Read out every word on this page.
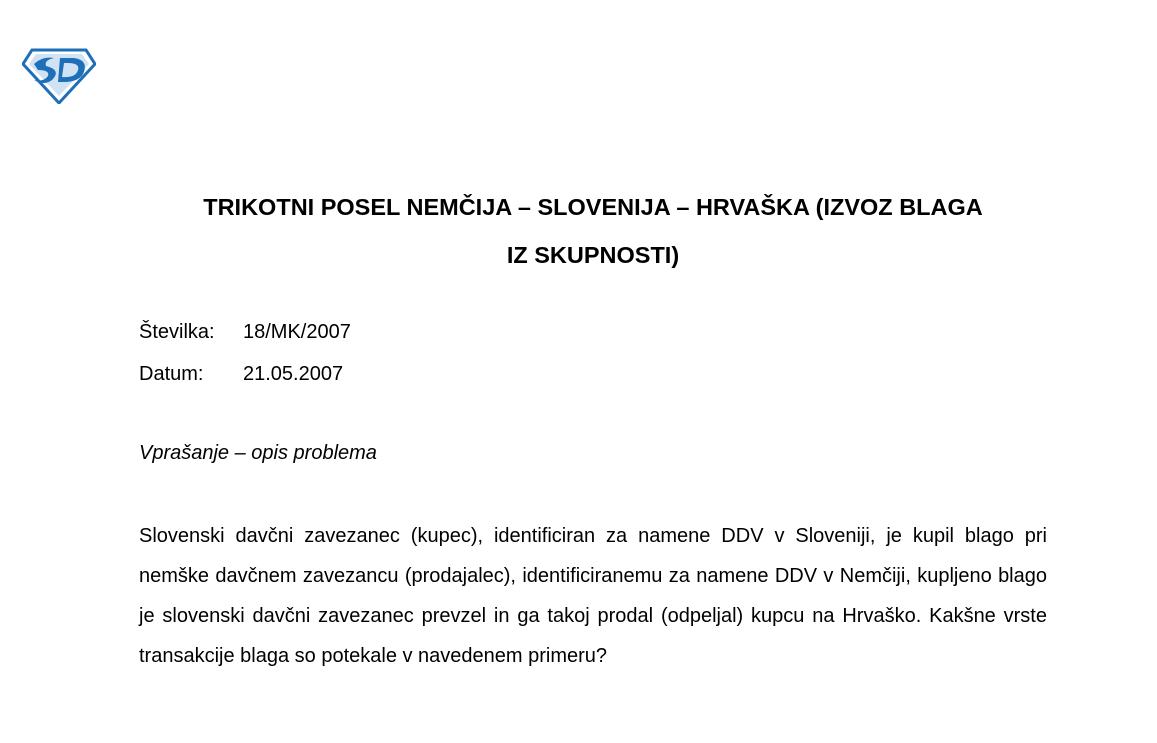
TRIKOTNI POSEL NEMČIJA – SLOVENIJA – HRVAŠKA (IZVOZ BLAGA
IZ SKUPNOSTI)
Številka: 18/MK/2007
Datum: 21.05.2007
Vprašanje – opis problema

Slovenski davčni zavezanec (kupec), identificiran za namene DDV v Sloveniji, je kupil blago pri nemške davčnem zavezancu (prodajalec), identificiranemu za namene DDV v Nemčiji, kupljeno blago je slovenski davčni zavezanec prevzel in ga takoj prodal (odpeljal) kupcu na Hrvaško. Kakšne vrste transakcije blaga so potekale v navedenem primeru?
